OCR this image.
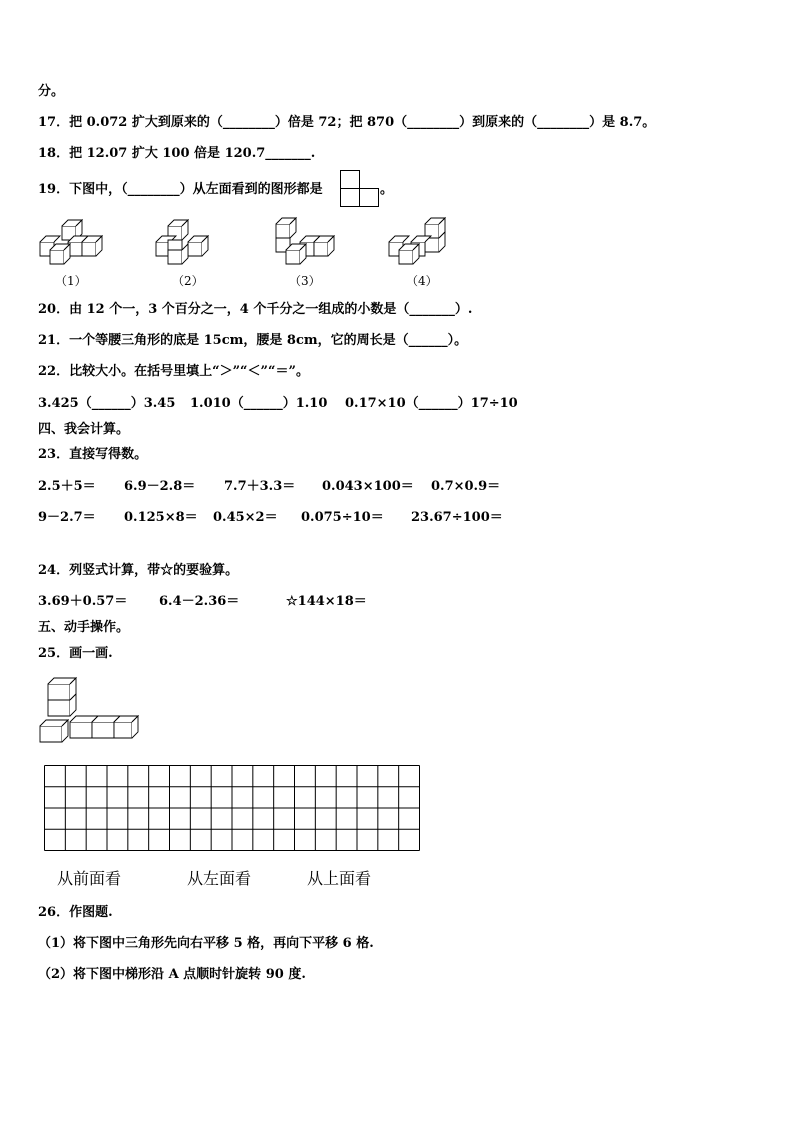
分。
17．把 0.072 扩大到原来的（________）倍是 72；把 870（________）到原来的（________）是 8.7。
18．把 12.07 扩大 100 倍是 120.7_______.
19．下图中，（________）从左面看到的图形都是	。
（1）	（2）	（3）	（4）
20．由 12 个一，3 个百分之一，4 个千分之一组成的小数是（_______）.
21．一个等腰三角形的底是 15cm，腰是 8cm，它的周长是（______）。
22．比较大小。在括号里填上“＞”“＜”“＝”。
3.425（______）3.45 1.010（______）1.10 0.17×10（______）17÷10
四、我会计算。
23．直接写得数。
2.5＋5＝ 6.9－2.8＝ 7.7＋3.3＝ 0.043×100＝ 0.7×0.9＝
9－2.7＝ 0.125×8＝ 0.45×2＝ 0.075÷10＝ 23.67÷100＝
24．列竖式计算，带☆的要验算。
3.69＋0.57＝ 6.4－2.36＝	☆144×18＝
五、动手操作。
25．画一画.
从前面看	从左面看	从上面看
26．作图题.
（1）将下图中三角形先向右平移 5 格，再向下平移 6 格.
（2）将下图中梯形沿 A 点顺时针旋转 90 度.
